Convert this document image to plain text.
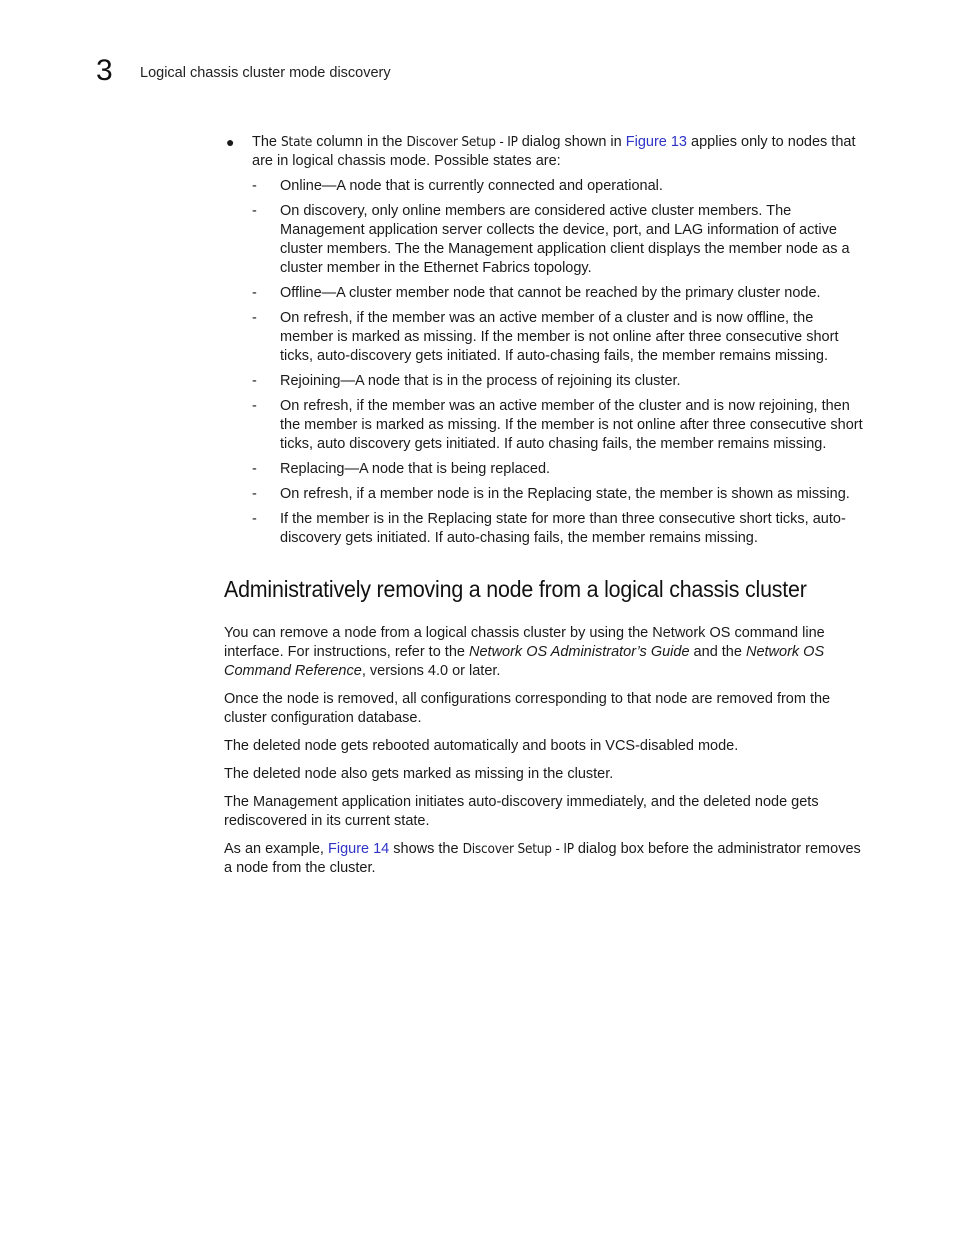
3 Logical chassis cluster mode discovery
● The State column in the Discover Setup - IP dialog shown in Figure 13 applies only to nodes that are in logical chassis mode. Possible states are:
- Online—A node that is currently connected and operational.
- On discovery, only online members are considered active cluster members. The Management application server collects the device, port, and LAG information of active cluster members. The the Management application client displays the member node as a cluster member in the Ethernet Fabrics topology.
- Offline—A cluster member node that cannot be reached by the primary cluster node.
- On refresh, if the member was an active member of a cluster and is now offline, the member is marked as missing. If the member is not online after three consecutive short ticks, auto-discovery gets initiated. If auto-chasing fails, the member remains missing.
- Rejoining—A node that is in the process of rejoining its cluster.
- On refresh, if the member was an active member of the cluster and is now rejoining, then the member is marked as missing. If the member is not online after three consecutive short ticks, auto discovery gets initiated. If auto chasing fails, the member remains missing.
- Replacing—A node that is being replaced.
- On refresh, if a member node is in the Replacing state, the member is shown as missing.
- If the member is in the Replacing state for more than three consecutive short ticks, auto-discovery gets initiated. If auto-chasing fails, the member remains missing.
Administratively removing a node from a logical chassis cluster

You can remove a node from a logical chassis cluster by using the Network OS command line interface. For instructions, refer to the Network OS Administrator’s Guide and the Network OS Command Reference, versions 4.0 or later.

Once the node is removed, all configurations corresponding to that node are removed from the cluster configuration database.

The deleted node gets rebooted automatically and boots in VCS-disabled mode.

The deleted node also gets marked as missing in the cluster.

The Management application initiates auto-discovery immediately, and the deleted node gets rediscovered in its current state.

As an example, Figure 14 shows the Discover Setup - IP dialog box before the administrator removes a node from the cluster.
